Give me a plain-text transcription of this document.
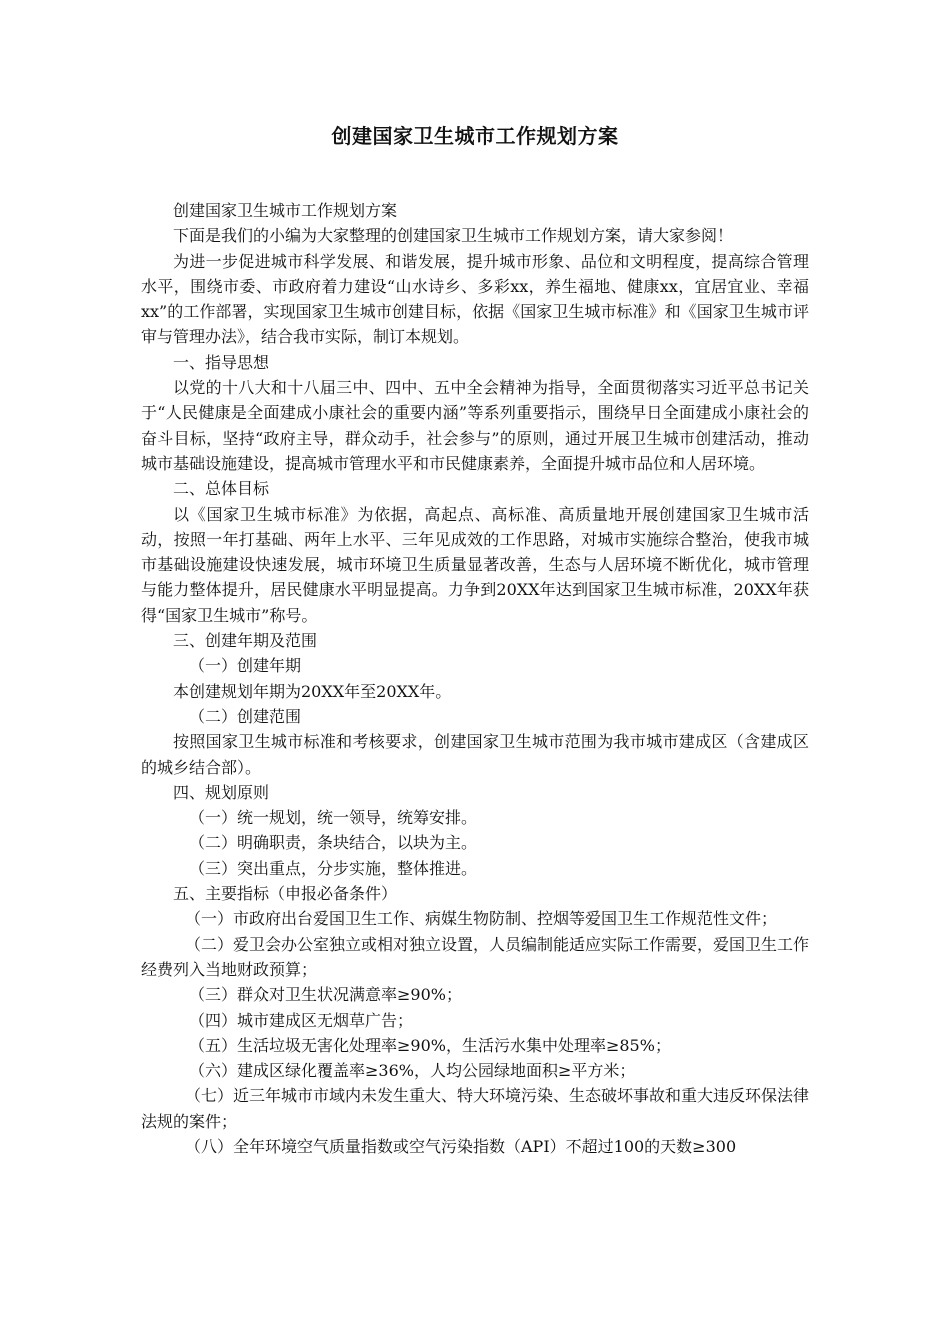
创建国家卫生城市工作规划方案

创建国家卫生城市工作规划方案

下面是我们的小编为大家整理的创建国家卫生城市工作规划方案，请大家参阅！

为进一步促进城市科学发展、和谐发展，提升城市形象、品位和文明程度，提高综合管理水平，围绕市委、市政府着力建设“山水诗乡、多彩xx，养生福地、健康xx，宜居宜业、幸福xx”的工作部署，实现国家卫生城市创建目标，依据《国家卫生城市标准》和《国家卫生城市评审与管理办法》，结合我市实际，制订本规划。

一、指导思想

以党的十八大和十八届三中、四中、五中全会精神为指导，全面贯彻落实习近平总书记关于“人民健康是全面建成小康社会的重要内涵”等系列重要指示，围绕早日全面建成小康社会的奋斗目标，坚持“政府主导，群众动手，社会参与”的原则，通过开展卫生城市创建活动，推动城市基础设施建设，提高城市管理水平和市民健康素养，全面提升城市品位和人居环境。

二、总体目标

以《国家卫生城市标准》为依据，高起点、高标准、高质量地开展创建国家卫生城市活动，按照一年打基础、两年上水平、三年见成效的工作思路，对城市实施综合整治，使我市城市基础设施建设快速发展，城市环境卫生质量显著改善，生态与人居环境不断优化，城市管理与能力整体提升，居民健康水平明显提高。力争到20XX年达到国家卫生城市标准，20XX年获得“国家卫生城市”称号。

三、创建年期及范围

（一）创建年期

本创建规划年期为20XX年至20XX年。

（二）创建范围

按照国家卫生城市标准和考核要求，创建国家卫生城市范围为我市城市建成区（含建成区的城乡结合部）。

四、规划原则

（一）统一规划，统一领导，统筹安排。

（二）明确职责，条块结合，以块为主。

（三）突出重点，分步实施，整体推进。

五、主要指标（申报必备条件）

（一）市政府出台爱国卫生工作、病媒生物防制、控烟等爱国卫生工作规范性文件；

（二）爱卫会办公室独立或相对独立设置，人员编制能适应实际工作需要，爱国卫生工作经费列入当地财政预算；

（三）群众对卫生状况满意率≥90%；

（四）城市建成区无烟草广告；

（五）生活垃圾无害化处理率≥90%，生活污水集中处理率≥85%；

（六）建成区绿化覆盖率≥36%，人均公园绿地面积≥平方米；

（七）近三年城市市域内未发生重大、特大环境污染、生态破坏事故和重大违反环保法律法规的案件；

（八）全年环境空气质量指数或空气污染指数（API）不超过100的天数≥300
